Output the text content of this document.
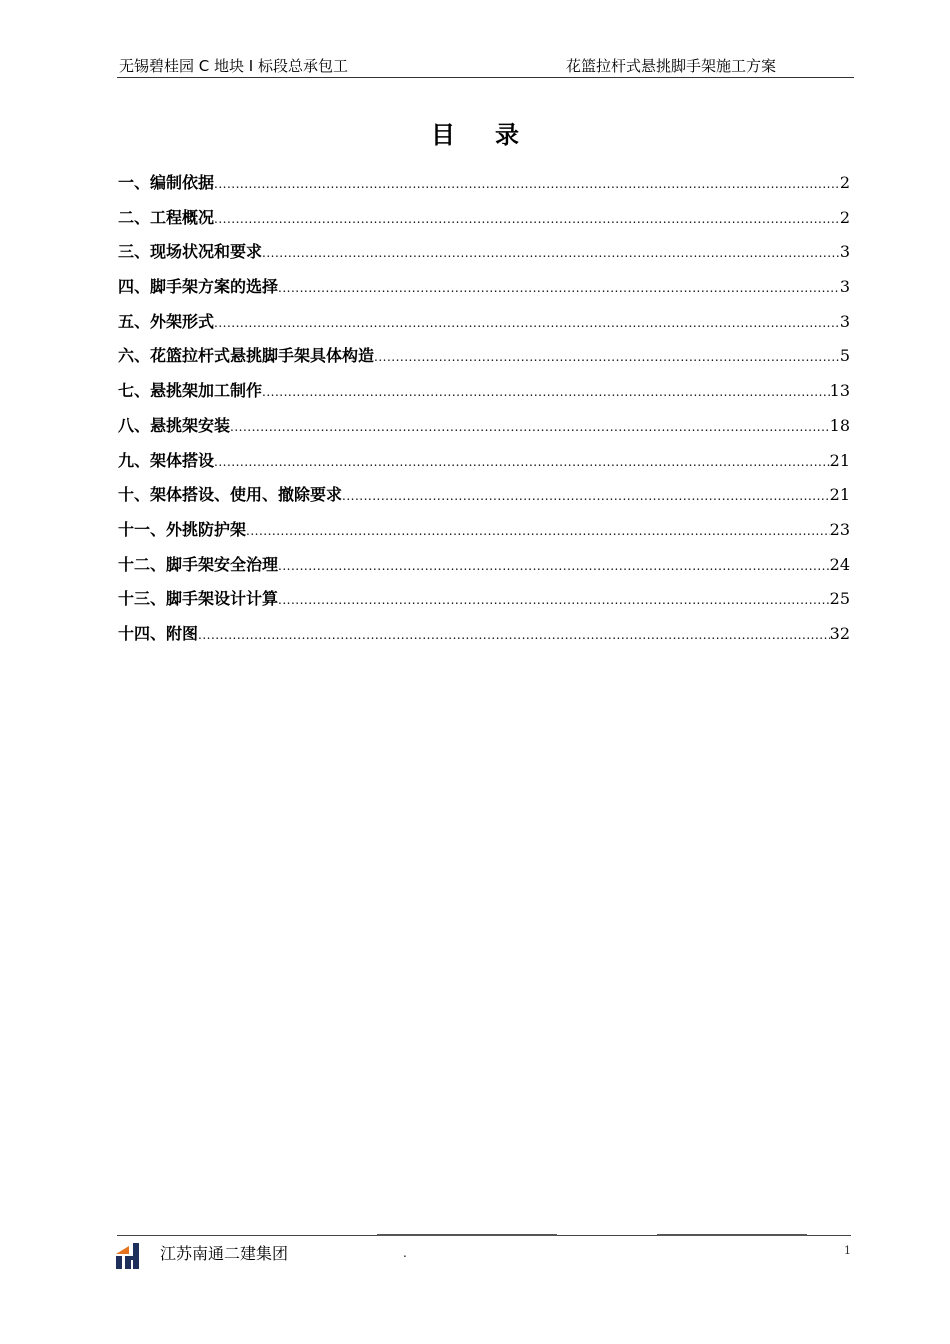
无锡碧桂园 C 地块 I 标段总承包工	花篮拉杆式悬挑脚手架施工方案
目录
一、编制依据 .....	2
二、工程概况 .....	2
三、现场状况和要求 .....	3
四、脚手架方案的选择 .....	3
五、外架形式 .....	3
六、花篮拉杆式悬挑脚手架具体构造 .....	5
七、悬挑架加工制作 .....	13
八、悬挑架安装 .....	18
九、架体搭设 .....	21
十、架体搭设、使用、撤除要求 .....	21
十一、外挑防护架 .....	23
十二、脚手架安全治理 .....	24
十三、脚手架设计计算 .....	25
十四、附图 .....	32
江苏南通二建集团	.	1
